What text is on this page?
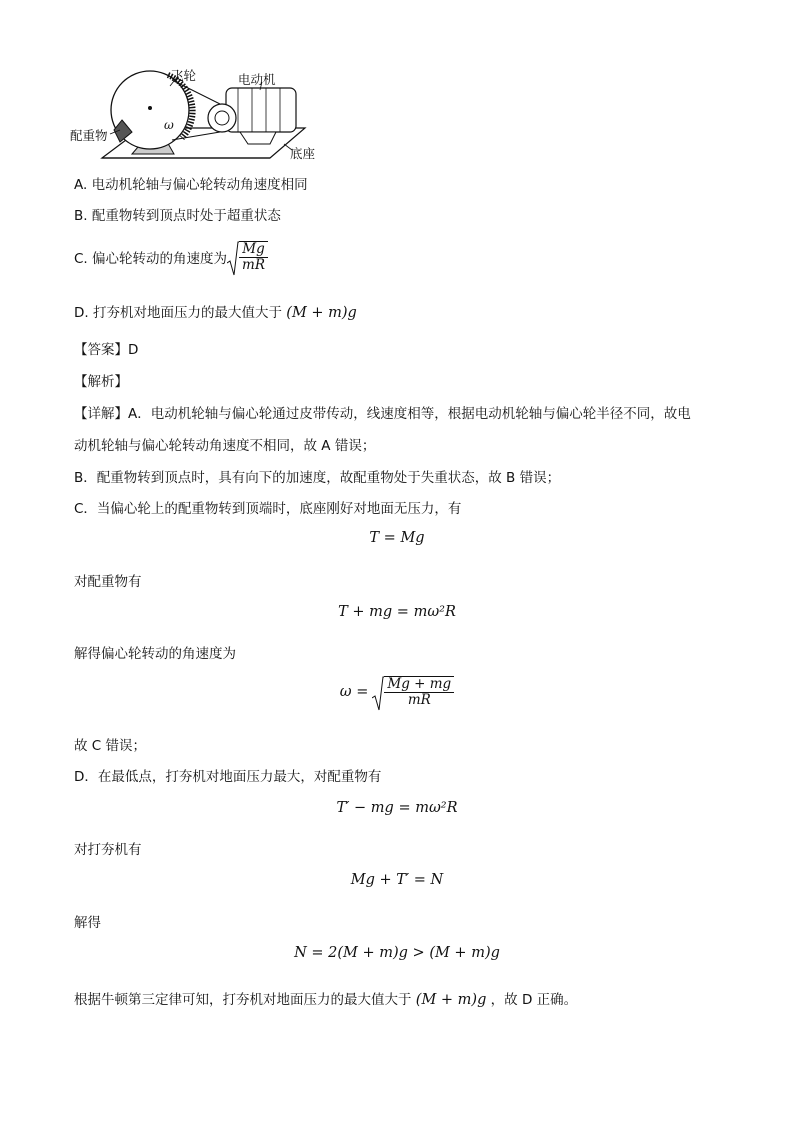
飞轮	电动机
配重物
底座
ω
A. 电动机轮轴与偏心轮转动角速度相同
B. 配重物转到顶点时处于超重状态
C. 偏心轮转动的角速度为 $\frac{Mg}{mR}$
D. 打夯机对地面压力的最大值大于 (M + m)g
【答案】D
【解析】
【详解】A．电动机轮轴与偏心轮通过皮带传动，线速度相等，根据电动机轮轴与偏心轮半径不同，故电
动机轮轴与偏心轮转动角速度不相同，故 A 错误；
B．配重物转到顶点时，具有向下的加速度，故配重物处于失重状态，故 B 错误；
C．当偏心轮上的配重物转到顶端时，底座刚好对地面无压力，有
T = Mg
对配重物有
T + mg = mω²R
解得偏心轮转动的角速度为
$\omega = \frac{Mg + mg}{mR}$
故 C 错误；
D．在最低点，打夯机对地面压力最大，对配重物有
T′ − mg = mω²R
对打夯机有
Mg + T′ = N
解得
N = 2(M + m)g > (M + m)g
根据牛顿第三定律可知，打夯机对地面压力的最大值大于 (M + m)g ，故 D 正确。
